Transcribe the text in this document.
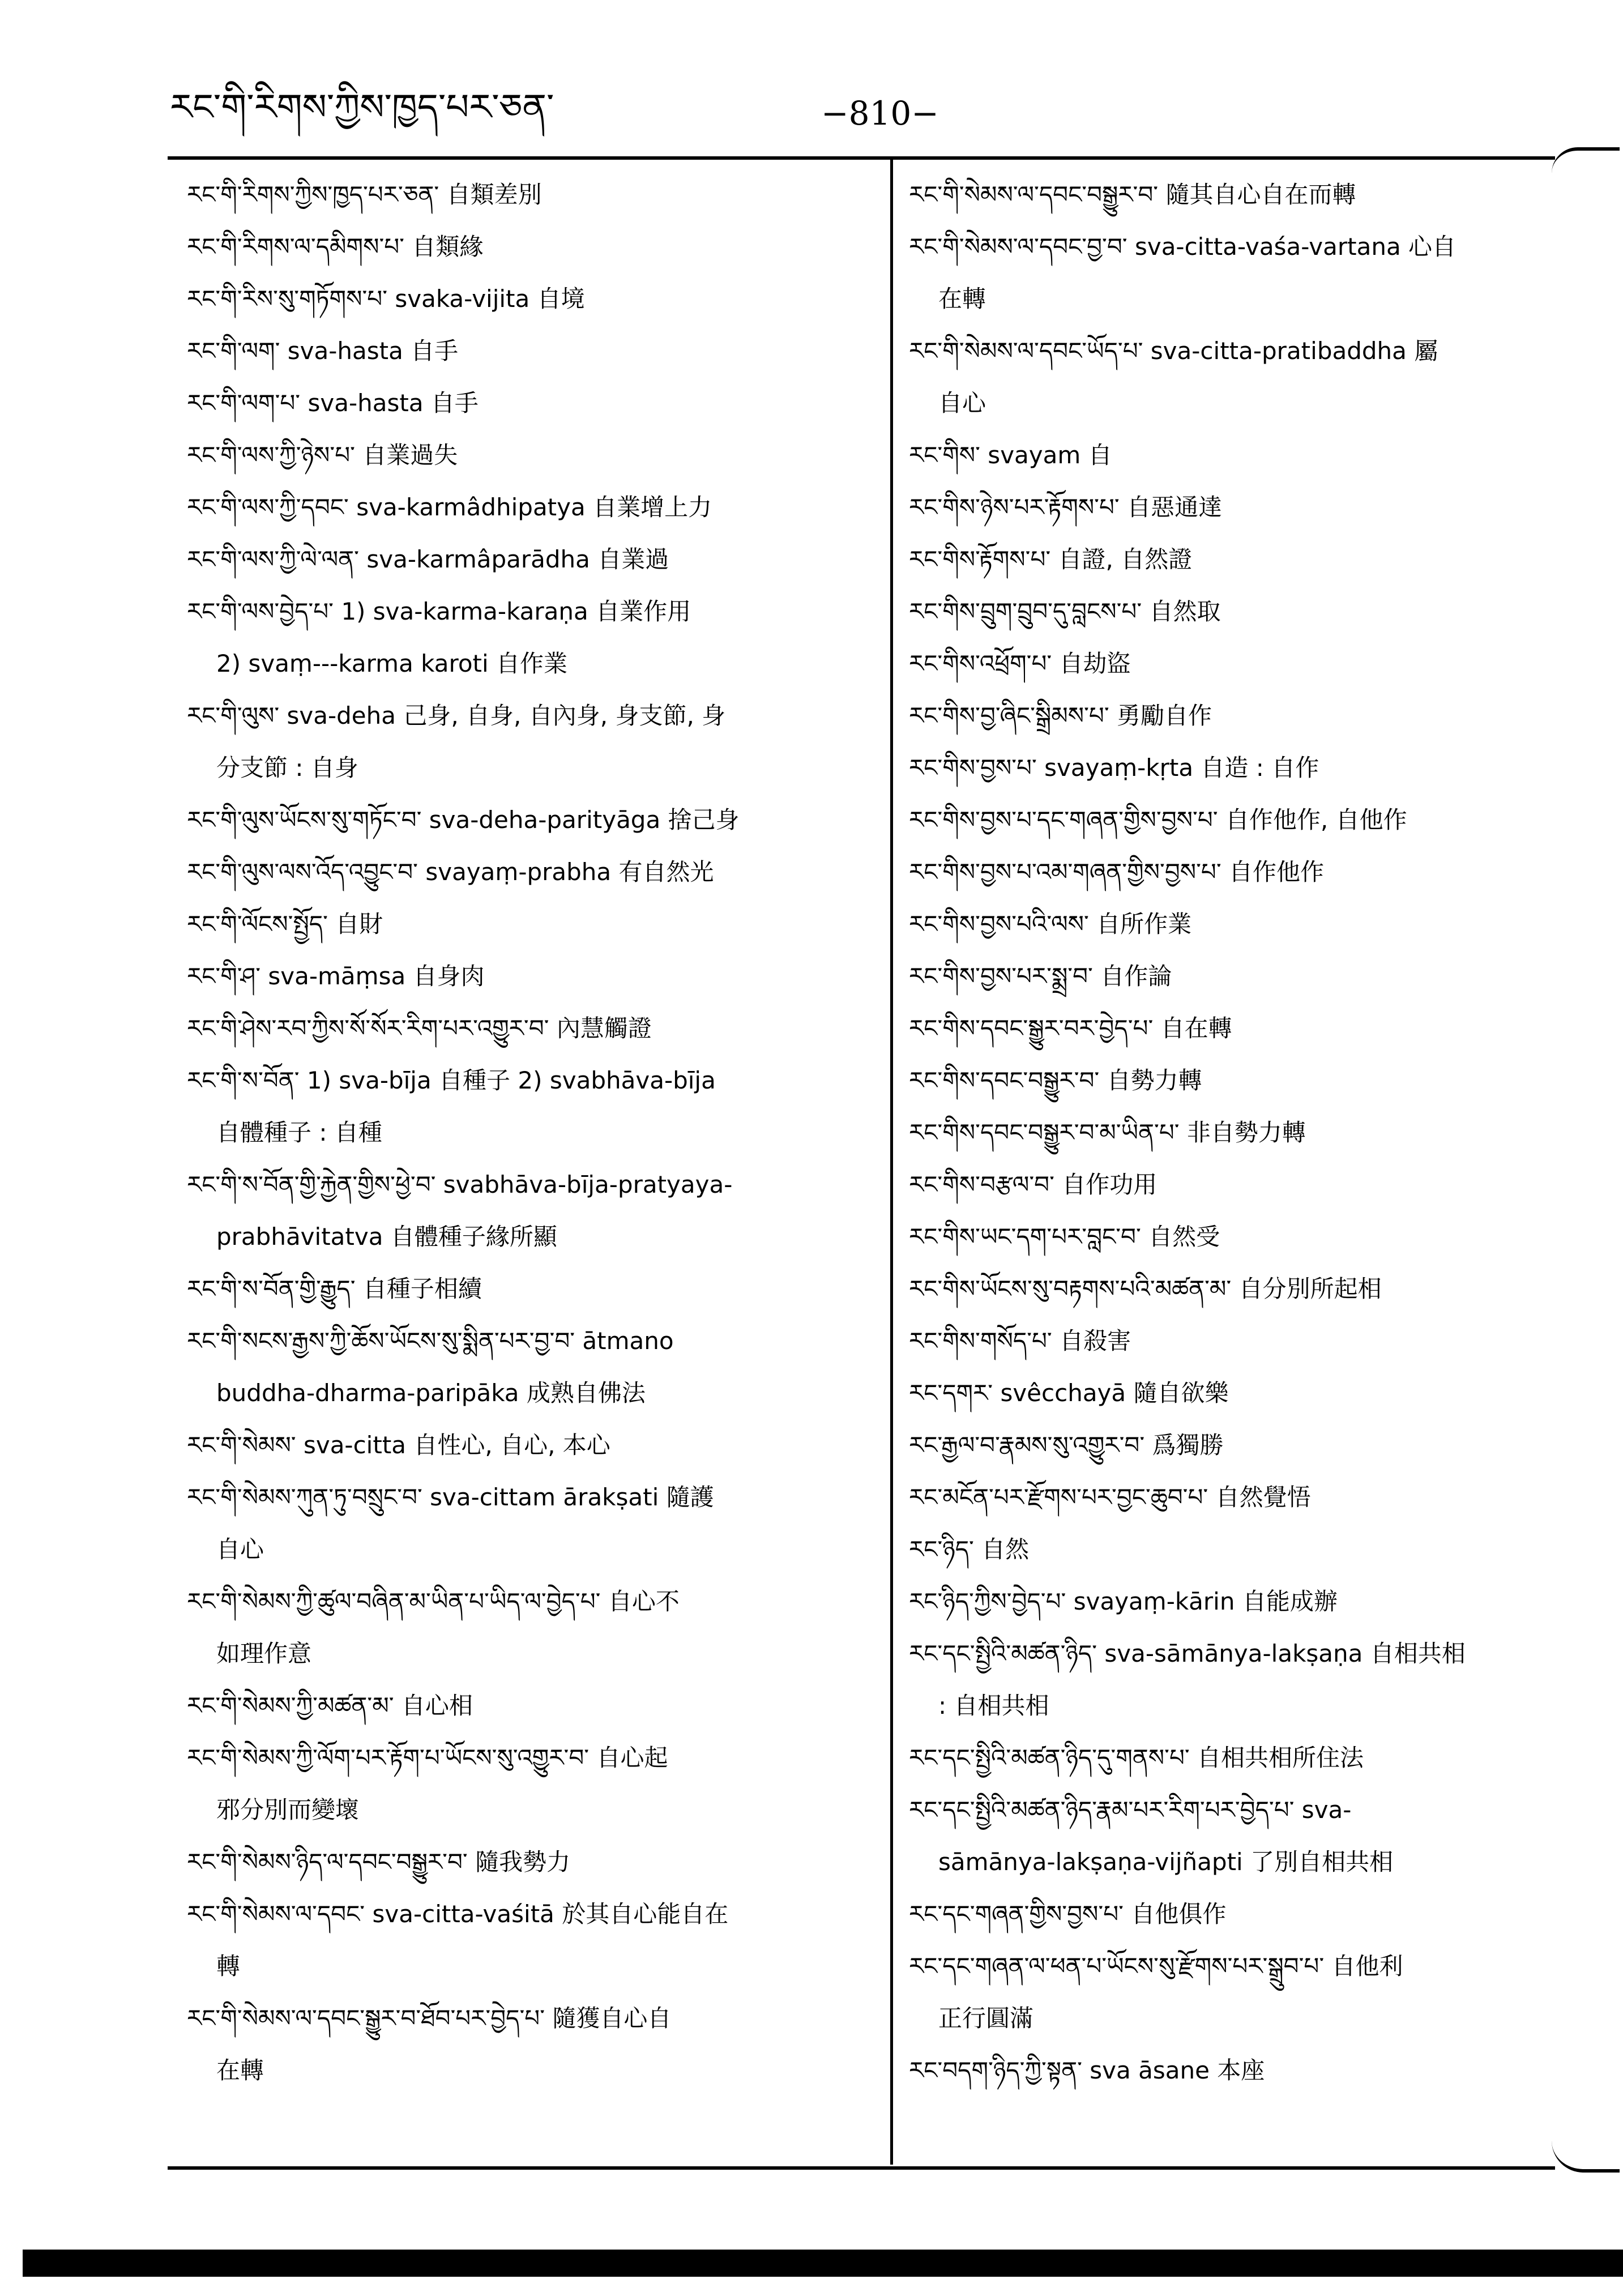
རང་གི་རིགས་ཀྱིས་ཁྱད་པར་ཅན་	−810−
རང་གི་རིགས་ཀྱིས་ཁྱད་པར་ཅན་ 自類差別
རང་གི་རིགས་ལ་དམིགས་པ་ 自類緣
རང་གི་རིས་སུ་གཏོགས་པ་ svaka-vijita 自境
རང་གི་ལག་ sva-hasta 自手
རང་གི་ལག་པ་ sva-hasta 自手
རང་གི་ལས་ཀྱི་ཉེས་པ་ 自業過失
རང་གི་ལས་ཀྱི་དབང་ sva-karmâdhipatya 自業增上力
རང་གི་ལས་ཀྱི་ལེ་ལན་ sva-karmâparādha 自業過
རང་གི་ལས་བྱེད་པ་ 1) sva-karma-karaṇa 自業作用
2) svaṃ---karma karoti 自作業
རང་གི་ལུས་ sva-deha 己身, 自身, 自內身, 身支節, 身
分支節 : 自身
རང་གི་ལུས་ཡོངས་སུ་གཏོང་བ་ sva-deha-parityāga 捨己身
རང་གི་ལུས་ལས་འོད་འབྱུང་བ་ svayaṃ-prabha 有自然光
རང་གི་ལོངས་སྤྱོད་ 自財
རང་གི་ཤ་ sva-māṃsa 自身肉
རང་གི་ཤེས་རབ་ཀྱིས་སོ་སོར་རིག་པར་འགྱུར་བ་ 內慧觸證
རང་གི་ས་བོན་ 1) sva-bīja 自種子 2) svabhāva-bīja
自體種子 : 自種
རང་གི་ས་བོན་གྱི་རྐྱེན་གྱིས་ཕྱེ་བ་ svabhāva-bīja-pratyaya-
prabhāvitatva 自體種子緣所顯
རང་གི་ས་བོན་གྱི་རྒྱུད་ 自種子相續
རང་གི་སངས་རྒྱས་ཀྱི་ཆོས་ཡོངས་སུ་སྨིན་པར་བྱ་བ་ ātmano
buddha-dharma-paripāka 成熟自佛法
རང་གི་སེམས་ sva-citta 自性心, 自心, 本心
རང་གི་སེམས་ཀུན་ཏུ་བསྲུང་བ་ sva-cittam ārakṣati 隨護
自心
རང་གི་སེམས་ཀྱི་ཚུལ་བཞིན་མ་ཡིན་པ་ཡིད་ལ་བྱེད་པ་ 自心不
如理作意
རང་གི་སེམས་ཀྱི་མཚན་མ་ 自心相
རང་གི་སེམས་ཀྱི་ལོག་པར་རྟོག་པ་ཡོངས་སུ་འགྱུར་བ་ 自心起
邪分別而變壞
རང་གི་སེམས་ཉིད་ལ་དབང་བསྒྱུར་བ་ 隨我勢力
རང་གི་སེམས་ལ་དབང་ sva-citta-vaśitā 於其自心能自在
轉
རང་གི་སེམས་ལ་དབང་སྒྱུར་བ་ཐོབ་པར་བྱེད་པ་ 隨獲自心自
在轉
རང་གི་སེམས་ལ་དབང་བསྒྱུར་བ་ 隨其自心自在而轉
རང་གི་སེམས་ལ་དབང་བྱ་བ་ sva-citta-vaśa-vartana 心自
在轉
རང་གི་སེམས་ལ་དབང་ཡོད་པ་ sva-citta-pratibaddha 屬
自心
རང་གིས་ svayam 自
རང་གིས་ཉེས་པར་རྟོགས་པ་ 自惡通達
རང་གིས་རྟོགས་པ་ 自證, 自然證
རང་གིས་བྲུག་བྲུབ་དུ་བླངས་པ་ 自然取
རང་གིས་འཕྲོག་པ་ 自劫盜
རང་གིས་བྱ་ཞིང་སྒྲིམས་པ་ 勇勵自作
རང་གིས་བྱས་པ་ svayaṃ-kṛta 自造 : 自作
རང་གིས་བྱས་པ་དང་གཞན་གྱིས་བྱས་པ་ 自作他作, 自他作
རང་གིས་བྱས་པ་འམ་གཞན་གྱིས་བྱས་པ་ 自作他作
རང་གིས་བྱས་པའི་ལས་ 自所作業
རང་གིས་བྱས་པར་སྨྲ་བ་ 自作論
རང་གིས་དབང་སྒྱུར་བར་བྱེད་པ་ 自在轉
རང་གིས་དབང་བསྒྱུར་བ་ 自勢力轉
རང་གིས་དབང་བསྒྱུར་བ་མ་ཡིན་པ་ 非自勢力轉
རང་གིས་བརྩལ་བ་ 自作功用
རང་གིས་ཡང་དག་པར་བླང་བ་ 自然受
རང་གིས་ཡོངས་སུ་བརྟགས་པའི་མཚན་མ་ 自分別所起相
རང་གིས་གསོད་པ་ 自殺害
རང་དགར་ svêcchayā 隨自欲樂
རང་རྒྱལ་བ་རྣམས་སུ་འགྱུར་བ་ 爲獨勝
རང་མངོན་པར་རྫོགས་པར་བྱང་ཆུབ་པ་ 自然覺悟
རང་ཉིད་ 自然
རང་ཉིད་ཀྱིས་བྱེད་པ་ svayaṃ-kārin 自能成辦
རང་དང་སྤྱིའི་མཚན་ཉིད་ sva-sāmānya-lakṣaṇa 自相共相
: 自相共相
རང་དང་སྤྱིའི་མཚན་ཉིད་དུ་གནས་པ་ 自相共相所住法
རང་དང་སྤྱིའི་མཚན་ཉིད་རྣམ་པར་རིག་པར་བྱེད་པ་ sva-
sāmānya-lakṣaṇa-vijñapti 了別自相共相
རང་དང་གཞན་གྱིས་བྱས་པ་ 自他俱作
རང་དང་གཞན་ལ་ཕན་པ་ཡོངས་སུ་རྫོགས་པར་སྒྲུབ་པ་ 自他利
正行圓滿
རང་བདག་ཉིད་ཀྱི་སྟན་ sva āsane 本座
